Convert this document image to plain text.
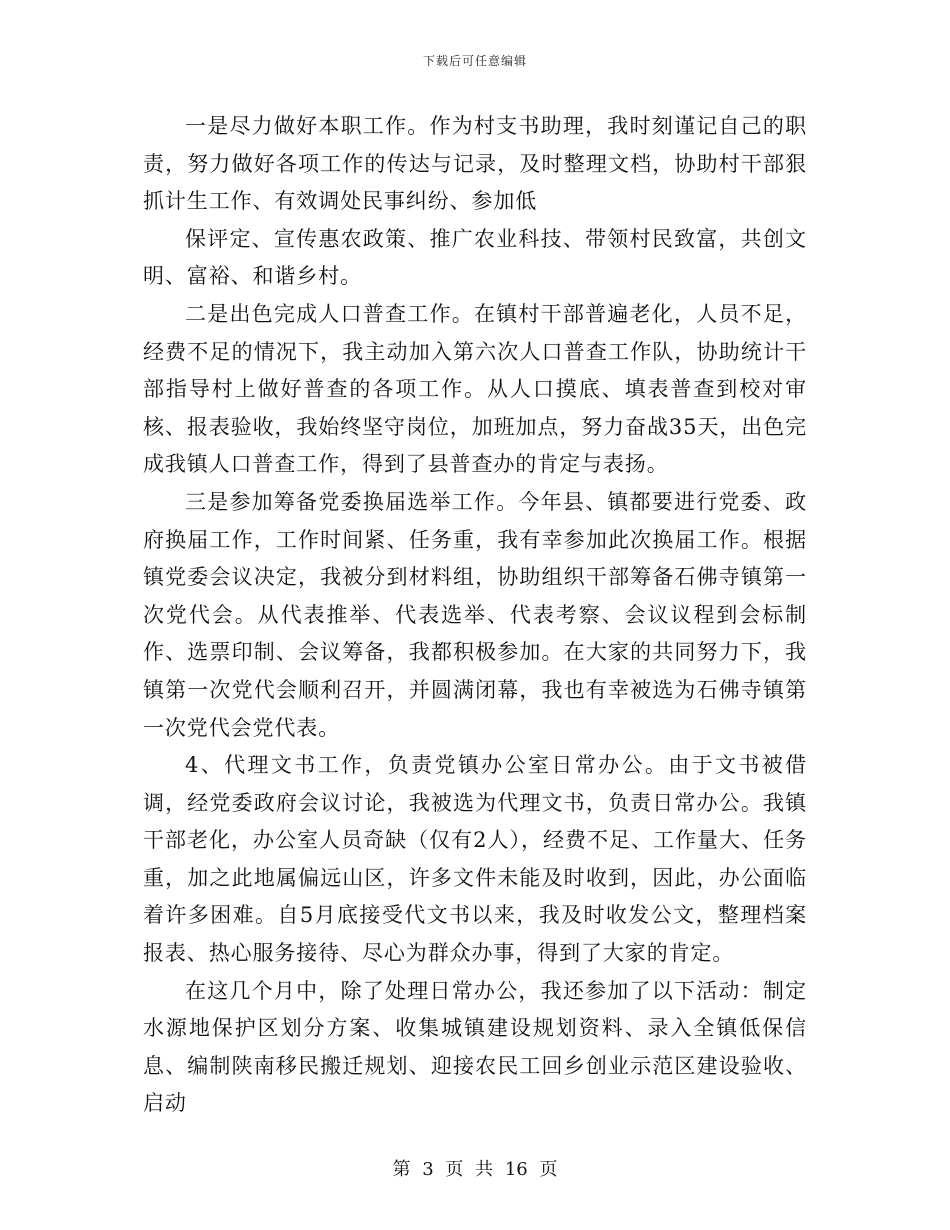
下载后可任意编辑

一是尽力做好本职工作。作为村支书助理，我时刻谨记自己的职责，努力做好各项工作的传达与记录，及时整理文档，协助村干部狠抓计生工作、有效调处民事纠纷、参加低

保评定、宣传惠农政策、推广农业科技、带领村民致富，共创文明、富裕、和谐乡村。

二是出色完成人口普查工作。在镇村干部普遍老化，人员不足，经费不足的情况下，我主动加入第六次人口普查工作队，协助统计干部指导村上做好普查的各项工作。从人口摸底、填表普查到校对审核、报表验收，我始终坚守岗位，加班加点，努力奋战35天，出色完成我镇人口普查工作，得到了县普查办的肯定与表扬。

三是参加筹备党委换届选举工作。今年县、镇都要进行党委、政府换届工作，工作时间紧、任务重，我有幸参加此次换届工作。根据镇党委会议决定，我被分到材料组，协助组织干部筹备石佛寺镇第一次党代会。从代表推举、代表选举、代表考察、会议议程到会标制作、选票印制、会议筹备，我都积极参加。在大家的共同努力下，我镇第一次党代会顺利召开，并圆满闭幕，我也有幸被选为石佛寺镇第一次党代会党代表。

4、代理文书工作，负责党镇办公室日常办公。由于文书被借调，经党委政府会议讨论，我被选为代理文书，负责日常办公。我镇干部老化，办公室人员奇缺（仅有2人），经费不足、工作量大、任务重，加之此地属偏远山区，许多文件未能及时收到，因此，办公面临着许多困难。自5月底接受代文书以来，我及时收发公文，整理档案报表、热心服务接待、尽心为群众办事，得到了大家的肯定。

在这几个月中，除了处理日常办公，我还参加了以下活动：制定水源地保护区划分方案、收集城镇建设规划资料、录入全镇低保信息、编制陕南移民搬迁规划、迎接农民工回乡创业示范区建设验收、启动

第 3 页 共 16 页
